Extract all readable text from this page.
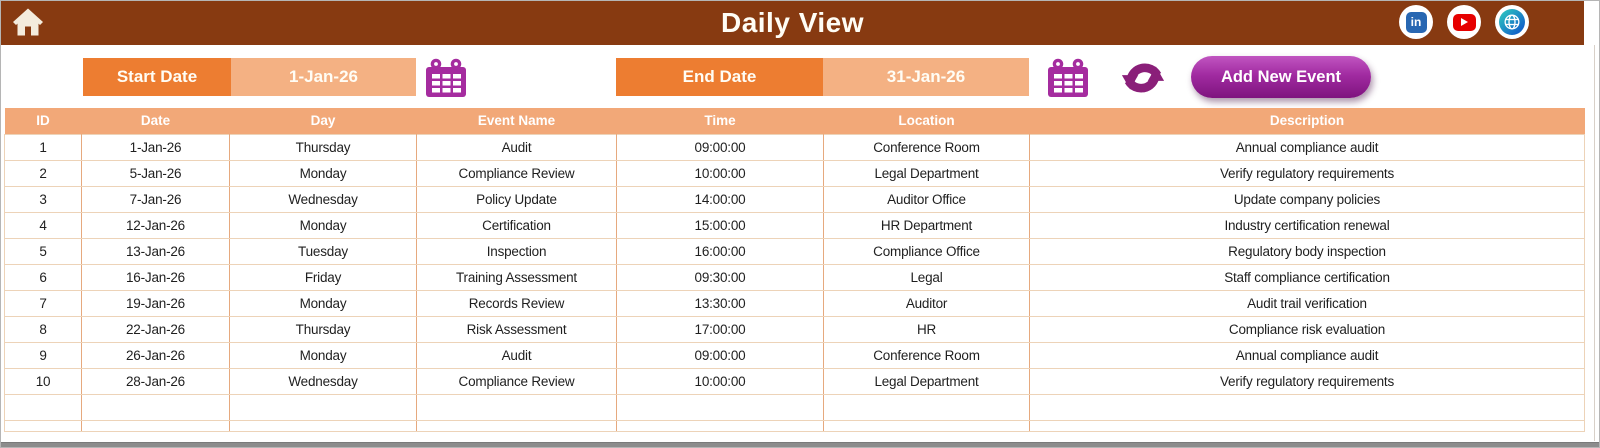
Daily View	in
Start Date	1-Jan-26	End Date	31-Jan-26	Add New Event
ID	Date	Day	Event Name	Time	Location	Description
1	1-Jan-26	Thursday	Audit	09:00:00	Conference Room	Annual compliance audit
2	5-Jan-26	Monday	Compliance Review	10:00:00	Legal Department	Verify regulatory requirements
3	7-Jan-26	Wednesday	Policy Update	14:00:00	Auditor Office	Update company policies
4	12-Jan-26	Monday	Certification	15:00:00	HR Department	Industry certification renewal
5	13-Jan-26	Tuesday	Inspection	16:00:00	Compliance Office	Regulatory body inspection
6	16-Jan-26	Friday	Training Assessment	09:30:00	Legal	Staff compliance certification
7	19-Jan-26	Monday	Records Review	13:30:00	Auditor	Audit trail verification
8	22-Jan-26	Thursday	Risk Assessment	17:00:00	HR	Compliance risk evaluation
9	26-Jan-26	Monday	Audit	09:00:00	Conference Room	Annual compliance audit
10	28-Jan-26	Wednesday	Compliance Review	10:00:00	Legal Department	Verify regulatory requirements
